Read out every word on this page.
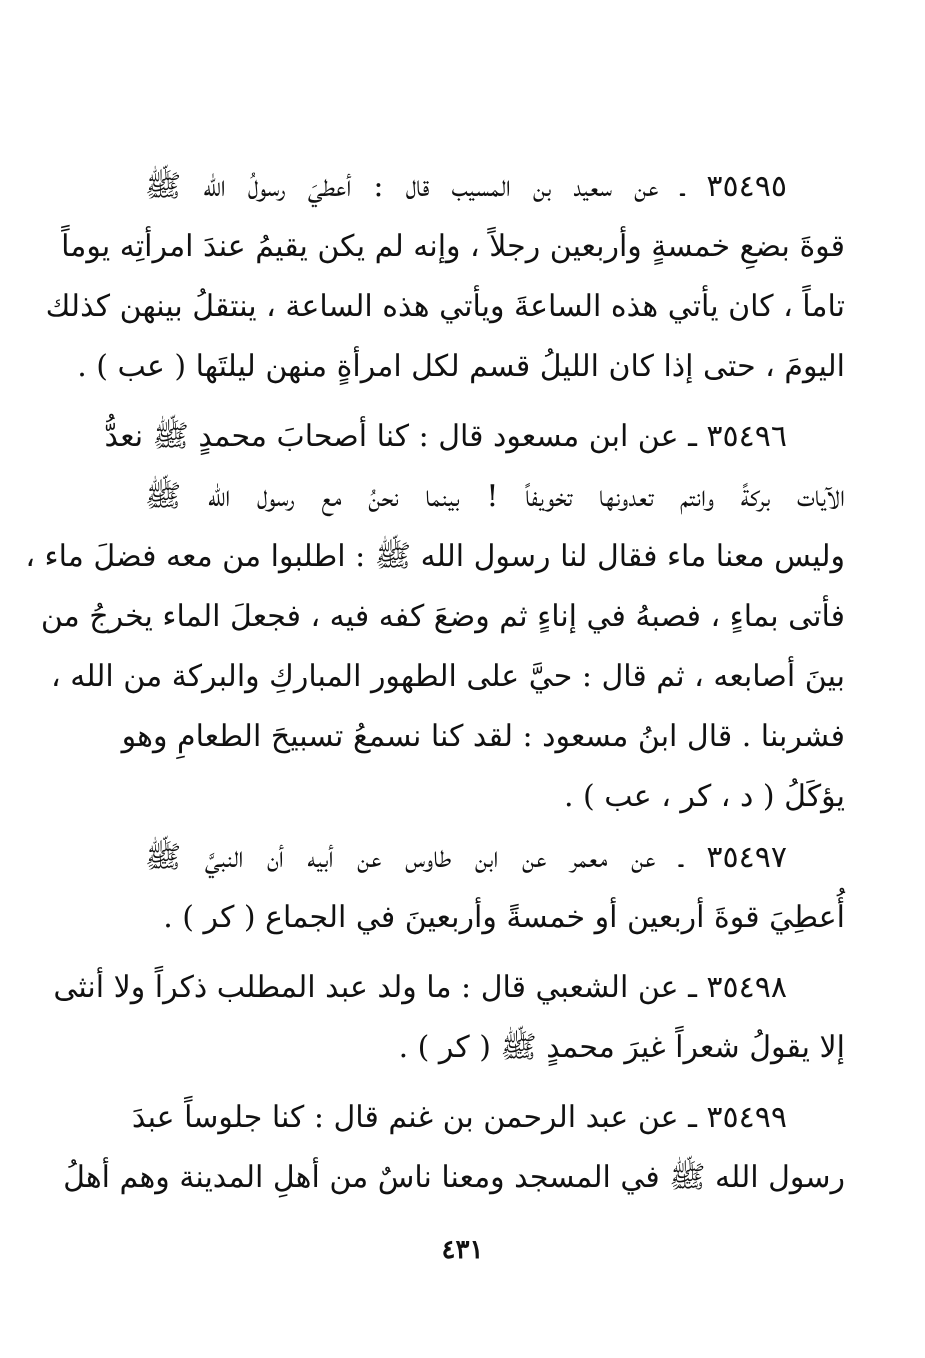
٣٥٤٩٥ ـ عن سعيد بن المسيب قال : أعطيَ رسولُ الله ﷺ
قوةَ بضعِ خمسةٍ وأربعين رجلاً ، وإنه لم يكن يقيمُ عندَ امرأتِه يوماً
تاماً ، كان يأتي هذه الساعةَ ويأتي هذه الساعة ، ينتقلُ بينهن كذلك
اليومَ ، حتى إذا كان الليلُ قسم لكل امرأةٍ منهن ليلتَها ( عب ) .
٣٥٤٩٦ ـ عن ابن مسعود قال : كنا أصحابَ محمدٍ ﷺ نعدُّ
الآيات بركةً وانتم تعدونها تخويفاً ! بينما نحنُ مع رسول الله ﷺ
وليس معنا ماء فقال لنا رسول الله ﷺ : اطلبوا من معه فضلَ ماء ،
فأتى بماءٍ ، فصبهُ في إناءٍ ثم وضعَ كفه فيه ، فجعلَ الماء يخرجُ من
بينَ أصابعه ، ثم قال : حيَّ على الطهور المباركِ والبركة من الله ،
فشربنا . قال ابنُ مسعود : لقد كنا نسمعُ تسبيحَ الطعامِ وهو
يؤكَلُ ( د ، كر ، عب ) .
٣٥٤٩٧ ـ عن معمر عن ابن طاوس عن أبيه أن النبيَّ ﷺ
أُعطِيَ قوةَ أربعين أو خمسةً وأربعينَ في الجماع ( كر ) .
٣٥٤٩٨ ـ عن الشعبي قال : ما ولد عبد المطلب ذكراً ولا أنثى
إلا يقولُ شعراً غيرَ محمدٍ ﷺ ( كر ) .
٣٥٤٩٩ ـ عن عبد الرحمن بن غنم قال : كنا جلوساً عبدَ
رسول الله ﷺ في المسجد ومعنا ناسٌ من أهلِ المدينة وهم أهلُ
٤٣١
